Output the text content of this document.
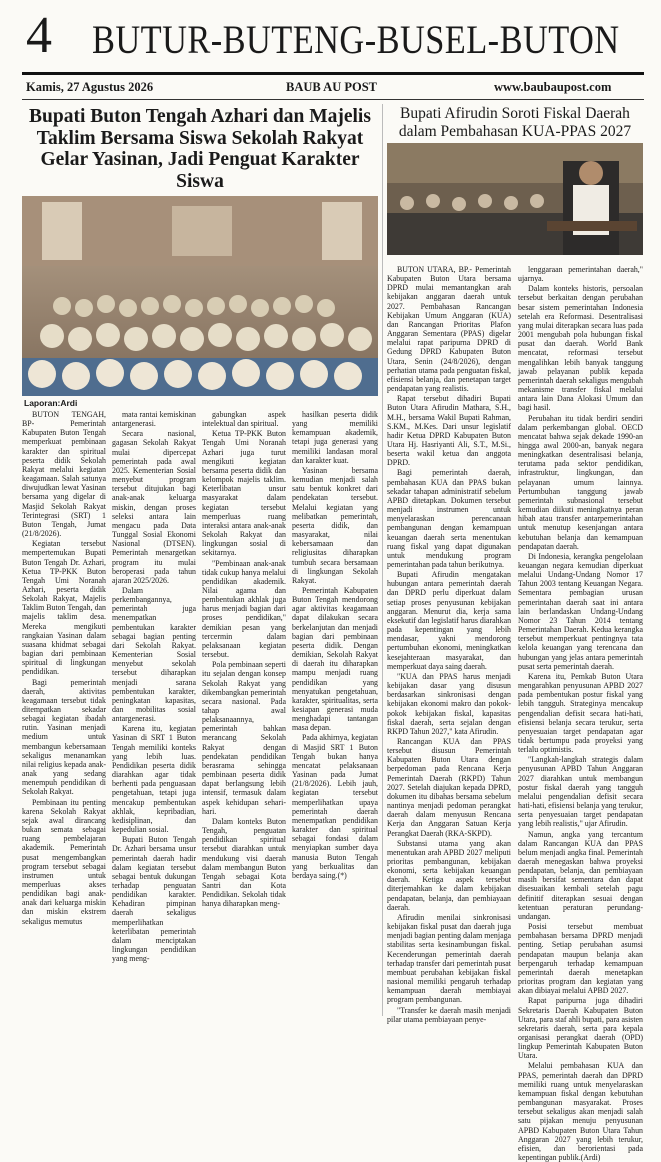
4 BUTUR-BUTENG-BUSEL-BUTON
Kamis, 27 Agustus 2026	BAUB AU POST	www.baubaupost.com
Bupati Buton Tengah Azhari dan Majelis Taklim Bersama Siswa Sekolah Rakyat Gelar Yasinan, Jadi Penguat Karakter Siswa
Laporan:Ardi

BUTON TENGAH, BP- Pemerintah Kabupaten Buton Tengah memperkuat pembinaan karakter dan spiritual peserta didik Sekolah Rakyat melalui kegiatan keagamaan. Salah satunya diwujudkan lewat Yasinan bersama yang digelar di Masjid Sekolah Rakyat Terintegrasi (SRT) 1 Buton Tengah, Jumat (21/8/2026).

Kegiatan tersebut mempertemukan Bupati Buton Tengah Dr. Azhari, Ketua TP-PKK Buton Tengah Umi Noranah Azhari, peserta didik Sekolah Rakyat, Majelis Taklim Buton Tengah, dan majelis taklim desa. Mereka mengikuti rangkaian Yasinan dalam suasana khidmat sebagai bagian dari pembinaan spiritual di lingkungan pendidikan.

Bagi pemerintah daerah, aktivitas keagamaan tersebut tidak ditempatkan sekadar sebagai kegiatan ibadah rutin. Yasinan menjadi medium untuk membangun kebersamaan sekaligus menanamkan nilai religius kepada anak-anak yang sedang menempuh pendidikan di Sekolah Rakyat.

Pembinaan itu penting karena Sekolah Rakyat sejak awal dirancang bukan semata sebagai ruang pembelajaran akademik. Pemerintah pusat mengembangkan program tersebut sebagai instrumen untuk memperluas akses pendidikan bagi anak-anak dari keluarga miskin dan miskin ekstrem sekaligus memutus

mata rantai kemiskinan antargenerasi.

Secara nasional, gagasan Sekolah Rakyat mulai dipercepat pemerintah pada awal 2025. Kementerian Sosial menyebut program tersebut ditujukan bagi anak-anak keluarga miskin, dengan proses seleksi antara lain mengacu pada Data Tunggal Sosial Ekonomi Nasional (DTSEN). Pemerintah menargetkan program itu mulai beroperasi pada tahun ajaran 2025/2026.

Dalam perkembangannya, pemerintah juga menempatkan pembentukan karakter sebagai bagian penting dari Sekolah Rakyat. Kementerian Sosial menyebut sekolah tersebut diharapkan menjadi sarana pembentukan karakter, peningkatan kapasitas, dan mobilitas sosial antargenerasi.

Karena itu, kegiatan Yasinan di SRT 1 Buton Tengah memiliki konteks yang lebih luas. Pendidikan peserta didik diarahkan agar tidak berhenti pada penguasaan pengetahuan, tetapi juga mencakup pembentukan akhlak, kepribadian, kedisiplinan, dan kepedulian sosial.

Bupati Buton Tengah Dr. Azhari bersama unsur pemerintah daerah hadir dalam kegiatan tersebut sebagai bentuk dukungan terhadap penguatan pendidikan karakter. Kehadiran pimpinan daerah sekaligus memperlihatkan keterlibatan pemerintah dalam menciptakan lingkungan pendidikan yang meng-

gabungkan aspek intelektual dan spiritual.

Ketua TP-PKK Buton Tengah Umi Noranah Azhari juga turut mengikuti kegiatan bersama peserta didik dan kelompok majelis taklim. Keterlibatan unsur masyarakat dalam kegiatan tersebut memperluas ruang interaksi antara anak-anak Sekolah Rakyat dan lingkungan sosial di sekitarnya.

"Pembinaan anak-anak tidak cukup hanya melalui pendidikan akademik. Nilai agama dan pembentukan akhlak juga harus menjadi bagian dari proses pendidikan," demikian pesan yang tercermin dalam pelaksanaan kegiatan tersebut.

Pola pembinaan seperti itu sejalan dengan konsep Sekolah Rakyat yang dikembangkan pemerintah secara nasional. Pada tahap awal pelaksanaannya, pemerintah bahkan merancang Sekolah Rakyat dengan pendekatan pendidikan berasrama sehingga pembinaan peserta didik dapat berlangsung lebih intensif, termasuk dalam aspek kehidupan sehari-hari.

Dalam konteks Buton Tengah, penguatan pendidikan spiritual tersebut diarahkan untuk mendukung visi daerah dalam membangun Buton Tengah sebagai Kota Santri dan Kota Pendidikan. Sekolah tidak hanya diharapkan meng-

hasilkan peserta didik yang memiliki kemampuan akademik, tetapi juga generasi yang memiliki landasan moral dan karakter kuat.

Yasinan bersama kemudian menjadi salah satu bentuk konkret dari pendekatan tersebut. Melalui kegiatan yang melibatkan pemerintah, peserta didik, dan masyarakat, nilai kebersamaan dan religiusitas diharapkan tumbuh secara bersamaan di lingkungan Sekolah Rakyat.

Pemerintah Kabupaten Buton Tengah mendorong agar aktivitas keagamaan dapat dilakukan secara berkelanjutan dan menjadi bagian dari pembinaan peserta didik. Dengan demikian, Sekolah Rakyat di daerah itu diharapkan mampu menjadi ruang pendidikan yang menyatukan pengetahuan, karakter, spiritualitas, serta kesiapan generasi muda menghadapi tantangan masa depan.

Pada akhirnya, kegiatan di Masjid SRT 1 Buton Tengah bukan hanya mencatat pelaksanaan Yasinan pada Jumat (21/8/2026). Lebih jauh, kegiatan tersebut memperlihatkan upaya pemerintah daerah menempatkan pendidikan karakter dan spiritual sebagai fondasi dalam menyiapkan sumber daya manusia Buton Tengah yang berkualitas dan berdaya saing.(*)

Bupati Afirudin Soroti Fiskal Daerah dalam Pembahasan KUA-PPAS 2027

BUTON UTARA, BP.- Pemerintah Kabupaten Buton Utara bersama DPRD mulai memantangkan arah kebijakan anggaran daerah untuk 2027. Pembahasan Rancangan Kebijakan Umum Anggaran (KUA) dan Rancangan Prioritas Plafon Anggaran Sementara (PPAS) digelar melalui rapat paripurna DPRD di Gedung DPRD Kabupaten Buton Utara, Senin (24/8/2026), dengan perhatian utama pada penguatan fiskal, efisiensi belanja, dan penetapan target pendapatan yang realistis.

Rapat tersebut dihadiri Bupati Buton Utara Afirudin Mathara, S.H., M.H., bersama Wakil Bupati Rahman, S.KM., M.Kes. Dari unsur legislatif hadir Ketua DPRD Kabupaten Buton Utara Hj. Hasriyanti Ali, S.T., M.Si., beserta wakil ketua dan anggota DPRD.

Bagi pemerintah daerah, pembahasan KUA dan PPAS bukan sekadar tahapan administratif sebelum APBD ditetapkan. Dokumen tersebut menjadi instrumen untuk menyelaraskan perencanaan pembangunan dengan kemampuan keuangan daerah serta menentukan ruang fiskal yang dapat digunakan untuk mendukung program pemerintahan pada tahun berikutnya.

Bupati Afirudin mengatakan hubungan antara pemerintah daerah dan DPRD perlu diperkuat dalam setiap proses penyusunan kebijakan anggaran. Menurut dia, kerja sama eksekutif dan legislatif harus diarahkan pada kepentingan yang lebih mendasar, yakni mendorong pertumbuhan ekonomi, meningkatkan kesejahteraan masyarakat, dan memperkuat daya saing daerah.

"KUA dan PPAS harus menjadi kebijakan dasar yang disusun berdasarkan sinkronisasi dengan kebijakan ekonomi makro dan pokok-pokok kebijakan fiskal, kapasitas fiskal daerah, serta sejalan dengan RKPD Tahun 2027," kata Afirudin.

Rancangan KUA dan PPAS tersebut disusun Pemerintah Kabupaten Buton Utara dengan berpedoman pada Rencana Kerja Pemerintah Daerah (RKPD) Tahun 2027. Setelah diajukan kepada DPRD, dokumen itu dibahas bersama sebelum nantinya menjadi pedoman perangkat daerah dalam menyusun Rencana Kerja dan Anggaran Satuan Kerja Perangkat Daerah (RKA-SKPD).

Substansi utama yang akan menentukan arah APBD 2027 meliputi prioritas pembangunan, kebijakan ekonomi, serta kebijakan keuangan daerah. Ketiga aspek tersebut diterjemahkan ke dalam kebijakan pendapatan, belanja, dan pembiayaan daerah.

Afirudin menilai sinkronisasi kebijakan fiskal pusat dan daerah juga menjadi bagian penting dalam menjaga stabilitas serta kesinambungan fiskal. Kecenderungan pemerintah daerah terhadap transfer dari pemerintah pusat membuat perubahan kebijakan fiskal nasional memiliki pengaruh terhadap kemampuan daerah membiayai program pembangunan.

"Transfer ke daerah masih menjadi pilar utama pembiayaan penye-

lenggaraan pemerintahan daerah," ujarnya.

Dalam konteks historis, persoalan tersebut berkaitan dengan perubahan besar sistem pemerintahan Indonesia setelah era Reformasi. Desentralisasi yang mulai diterapkan secara luas pada 2001 mengubah pola hubungan fiskal pusat dan daerah. World Bank mencatat, reformasi tersebut mengalihkan lebih banyak tanggung jawab pelayanan publik kepada pemerintah daerah sekaligus mengubah mekanisme transfer fiskal melalui antara lain Dana Alokasi Umum dan bagi hasil.

Perubahan itu tidak berdiri sendiri dalam perkembangan global. OECD mencatat bahwa sejak dekade 1990-an hingga awal 2000-an, banyak negara meningkatkan desentralisasi belanja, terutama pada sektor pendidikan, infrastruktur, lingkungan, dan pelayanan umum lainnya. Pertumbuhan tanggung jawab pemerintah subnasional tersebut kemudian diikuti meningkatnya peran hibah atau transfer antarpemerintahan untuk menutup kesenjangan antara kebutuhan belanja dan kemampuan pendapatan daerah.

Di Indonesia, kerangka pengelolaan keuangan negara kemudian diperkuat melalui Undang-Undang Nomor 17 Tahun 2003 tentang Keuangan Negara. Sementara pembagian urusan pemerintahan daerah saat ini antara lain berlandaskan Undang-Undang Nomor 23 Tahun 2014 tentang Pemerintahan Daerah. Kedua kerangka tersebut memperkuat pentingnya tata kelola keuangan yang terencana dan hubungan yang jelas antara pemerintah pusat serta pemerintah daerah.

Karena itu, Pemkab Buton Utara mengarahkan penyusunan APBD 2027 pada pembentukan postur fiskal yang lebih tangguh. Strateginya mencakup pengendalian defisit secara hati-hati, efisiensi belanja secara terukur, serta penyesuaian target pendapatan agar tidak bertumpu pada proyeksi yang terlalu optimistis.

"Langkah-langkah strategis dalam penyusunan APBD Tahun Anggaran 2027 diarahkan untuk membangun postur fiskal daerah yang tangguh melalui pengendalian defisit secara hati-hati, efisiensi belanja yang terukur, serta penyesuaian target pendapatan yang lebih realistis," ujar Afirudin.

Namun, angka yang tercantum dalam Rancangan KUA dan PPAS belum menjadi angka final. Pemerintah daerah menegaskan bahwa proyeksi pendapatan, belanja, dan pembiayaan masih bersifat sementara dan dapat disesuaikan kembali setelah pagu definitif diterapkan sesuai dengan ketentuan peraturan perundang-undangan.

Posisi tersebut membuat pembahasan bersama DPRD menjadi penting. Setiap perubahan asumsi pendapatan maupun belanja akan berpengaruh terhadap kemampuan pemerintah daerah menetapkan prioritas program dan kegiatan yang akan dibiayai melalui APBD 2027.

Rapat paripurna juga dihadiri Sekretaris Daerah Kabupaten Buton Utara, para staf ahli bupati, para asisten sekretaris daerah, serta para kepala organisasi perangkat daerah (OPD) lingkup Pemerintah Kabupaten Buton Utara.

Melalui pembahasan KUA dan PPAS, pemerintah daerah dan DPRD memiliki ruang untuk menyelaraskan kemampuan fiskal dengan kebutuhan pembangunan masyarakat. Proses tersebut sekaligus akan menjadi salah satu pijakan menuju penyusunan APBD Kabupaten Buton Utara Tahun Anggaran 2027 yang lebih terukur, efisien, dan berorientasi pada kepentingan publik.(Ardi)
